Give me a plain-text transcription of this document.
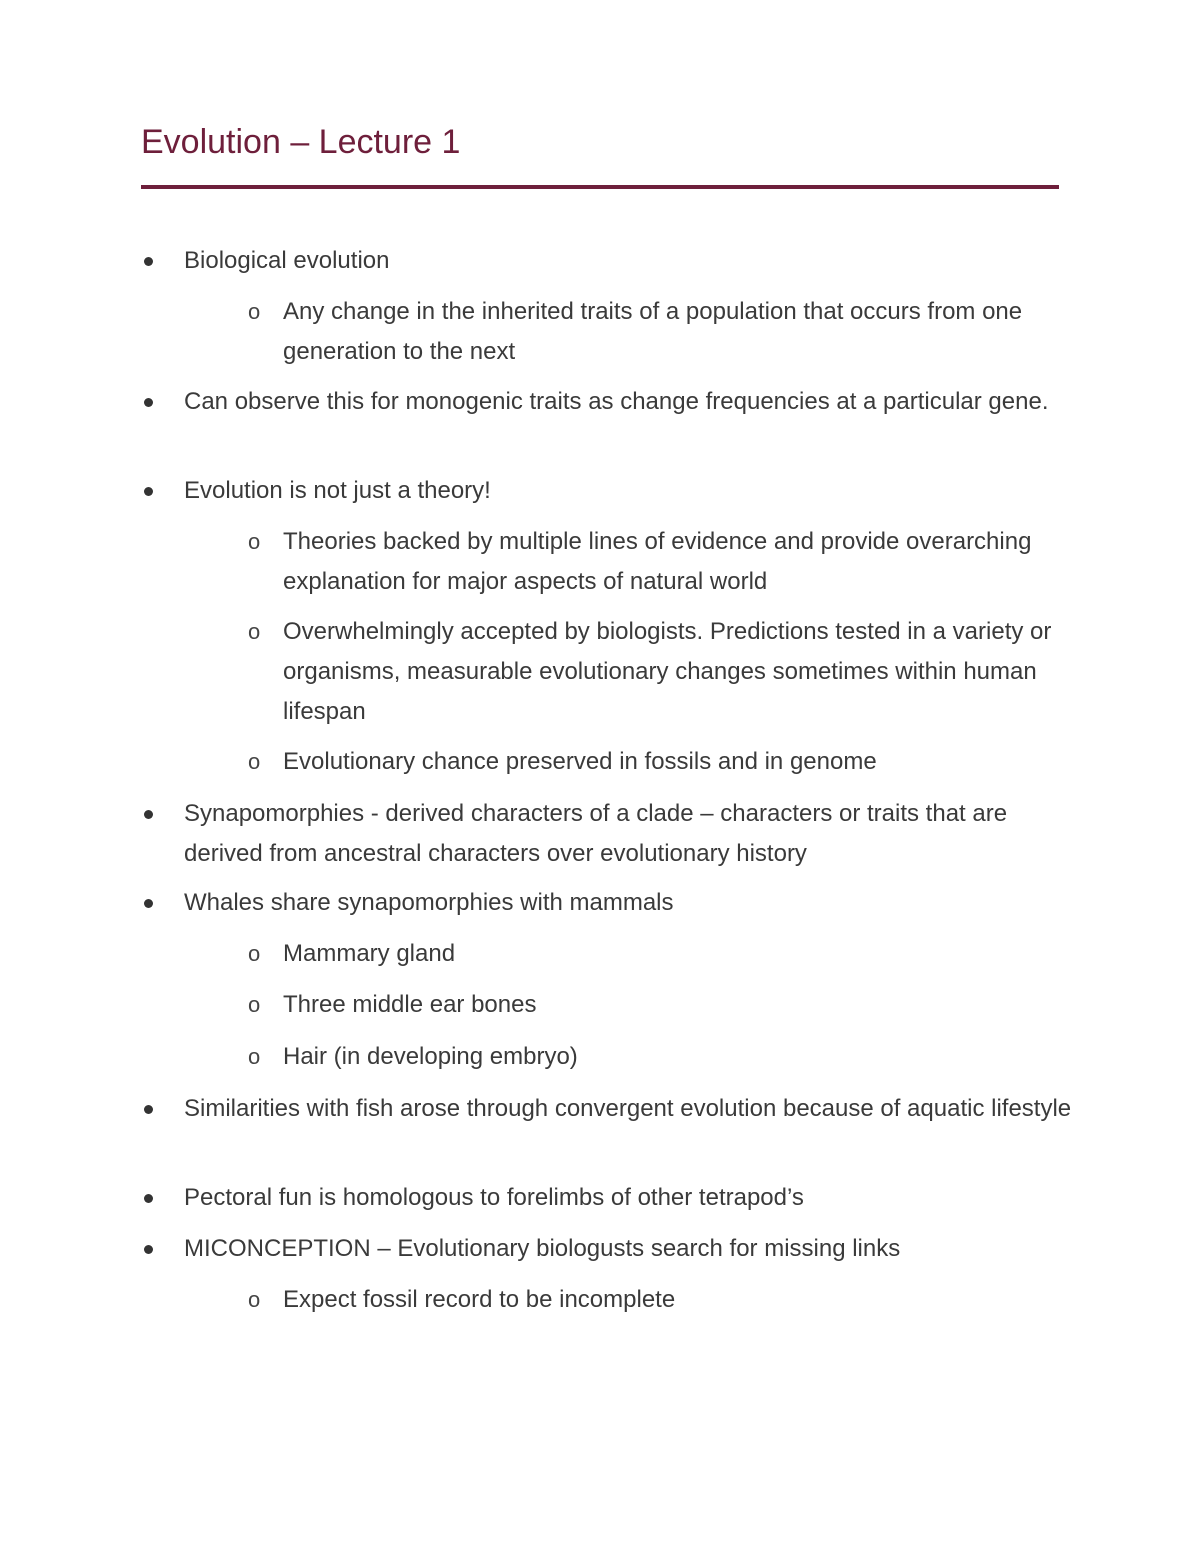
Evolution – Lecture 1
Biological evolution
o Any change in the inherited traits of a population that occurs from one generation to the next
Can observe this for monogenic traits as change frequencies at a particular gene.
Evolution is not just a theory!
o Theories backed by multiple lines of evidence and provide overarching explanation for major aspects of natural world
o Overwhelmingly accepted by biologists. Predictions tested in a variety or organisms, measurable evolutionary changes sometimes within human lifespan
o Evolutionary chance preserved in fossils and in genome
Synapomorphies - derived characters of a clade – characters or traits that are derived from ancestral characters over evolutionary history
Whales share synapomorphies with mammals
o Mammary gland
o Three middle ear bones
o Hair (in developing embryo)
Similarities with fish arose through convergent evolution because of aquatic lifestyle
Pectoral fun is homologous to forelimbs of other tetrapod’s
MICONCEPTION – Evolutionary biologusts search for missing links
o Expect fossil record to be incomplete
